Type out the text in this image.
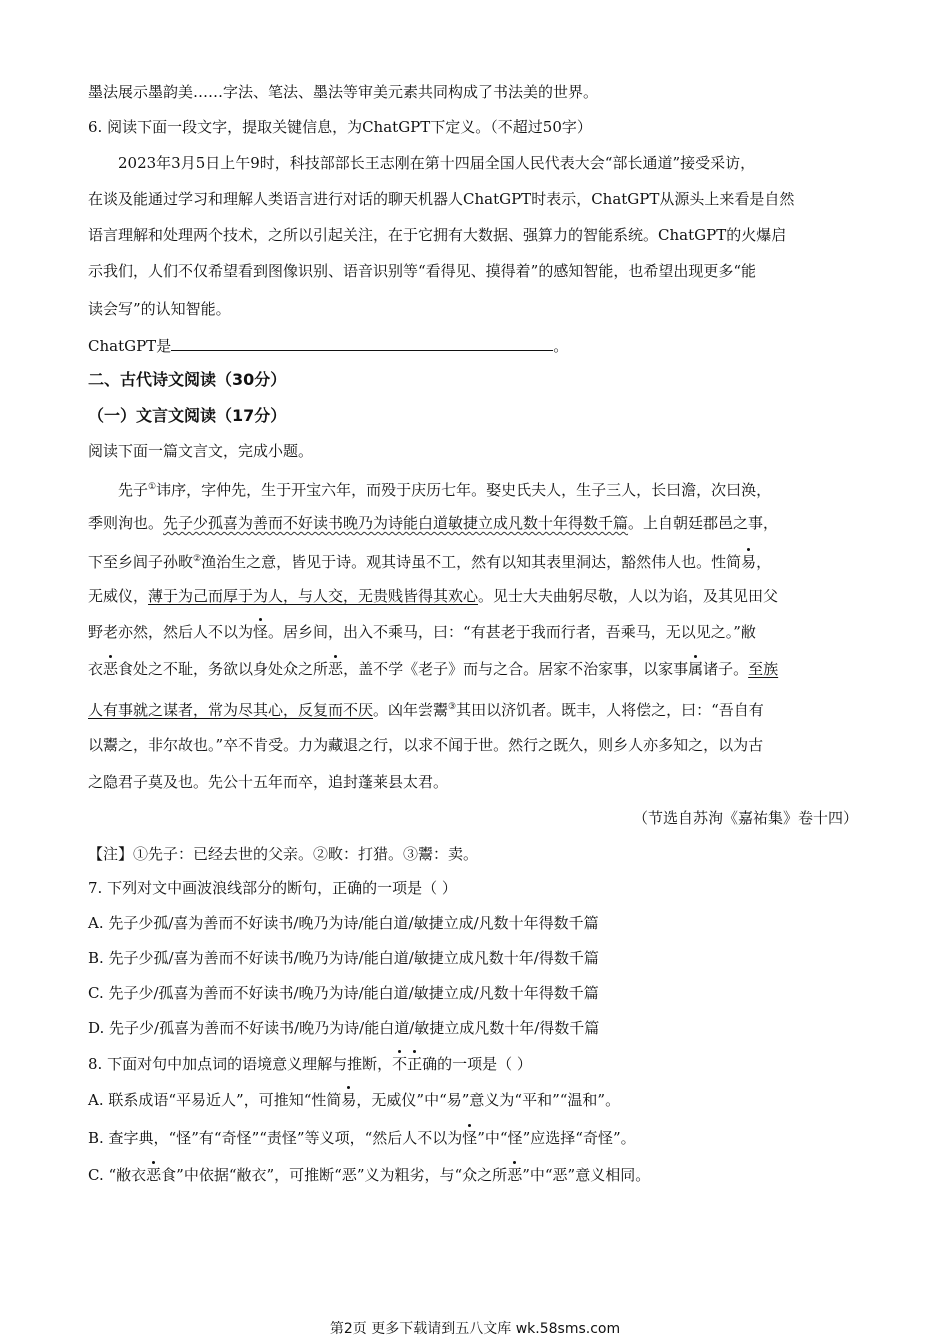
墨法展示墨韵美……字法、笔法、墨法等审美元素共同构成了书法美的世界。
6. 阅读下面一段文字，提取关键信息，为ChatGPT下定义。（不超过50字）
2023年3月5日上午9时，科技部部长王志刚在第十四届全国人民代表大会“部长通道”接受采访，
在谈及能通过学习和理解人类语言进行对话的聊天机器人ChatGPT时表示，ChatGPT从源头上来看是自然
语言理解和处理两个技术，之所以引起关注，在于它拥有大数据、强算力的智能系统。ChatGPT的火爆启
示我们，人们不仅希望看到图像识别、语音识别等“看得见、摸得着”的感知智能，也希望出现更多“能
读会写”的认知智能。
ChatGPT是	。
二、古代诗文阅读（30分）
（一）文言文阅读（17分）
阅读下面一篇文言文，完成小题。
先子①讳序，字仲先，生于开宝六年，而殁于庆历七年。娶史氏夫人，生子三人，长曰澹，次曰涣，
季则洵也。先子少孤喜为善而不好读书晚乃为诗能白道敏捷立成凡数十年得数千篇。上自朝廷郡邑之事，
下至乡闾子孙畋②渔治生之意，皆见于诗。观其诗虽不工，然有以知其表里洞达，豁然伟人也。性简易，
无威仪，薄于为己而厚于为人，与人交，无贵贱皆得其欢心。见士大夫曲躬尽敬，人以为谄，及其见田父
野老亦然，然后人不以为怪。居乡间，出入不乘马，曰：“有甚老于我而行者，吾乘马，无以见之。”敝
衣恶食处之不耻，务欲以身处众之所恶，盖不学《老子》而与之合。居家不治家事，以家事属诸子。至族
人有事就之谋者，常为尽其心，反复而不厌。凶年尝鬻③其田以济饥者。既丰，人将偿之，曰：“吾自有
以鬻之，非尔故也。”卒不肯受。力为藏退之行，以求不闻于世。然行之既久，则乡人亦多知之，以为古
之隐君子莫及也。先公十五年而卒，追封蓬莱县太君。
（节选自苏洵《嘉祐集》卷十四）
【注】①先子：已经去世的父亲。②畋：打猎。③鬻：卖。
7. 下列对文中画波浪线部分的断句，正确的一项是（ ）
A. 先子少孤/喜为善而不好读书/晚乃为诗/能白道/敏捷立成/凡数十年得数千篇
B. 先子少孤/喜为善而不好读书/晚乃为诗/能白道/敏捷立成凡数十年/得数千篇
C. 先子少/孤喜为善而不好读书/晚乃为诗/能白道/敏捷立成/凡数十年得数千篇
D. 先子少/孤喜为善而不好读书/晚乃为诗/能白道/敏捷立成凡数十年/得数千篇
8. 下面对句中加点词的语境意义理解与推断，不正确的一项是（ ）
A. 联系成语“平易近人”，可推知“性简易，无威仪”中“易”意义为“平和”“温和”。
B. 查字典，“怪”有“奇怪”“责怪”等义项，“然后人不以为怪”中“怪”应选择“奇怪”。
C. “敝衣恶食”中依据“敝衣”，可推断“恶”义为粗劣，与“众之所恶”中“恶”意义相同。
第2页 更多下载请到五八文库 wk.58sms.com
